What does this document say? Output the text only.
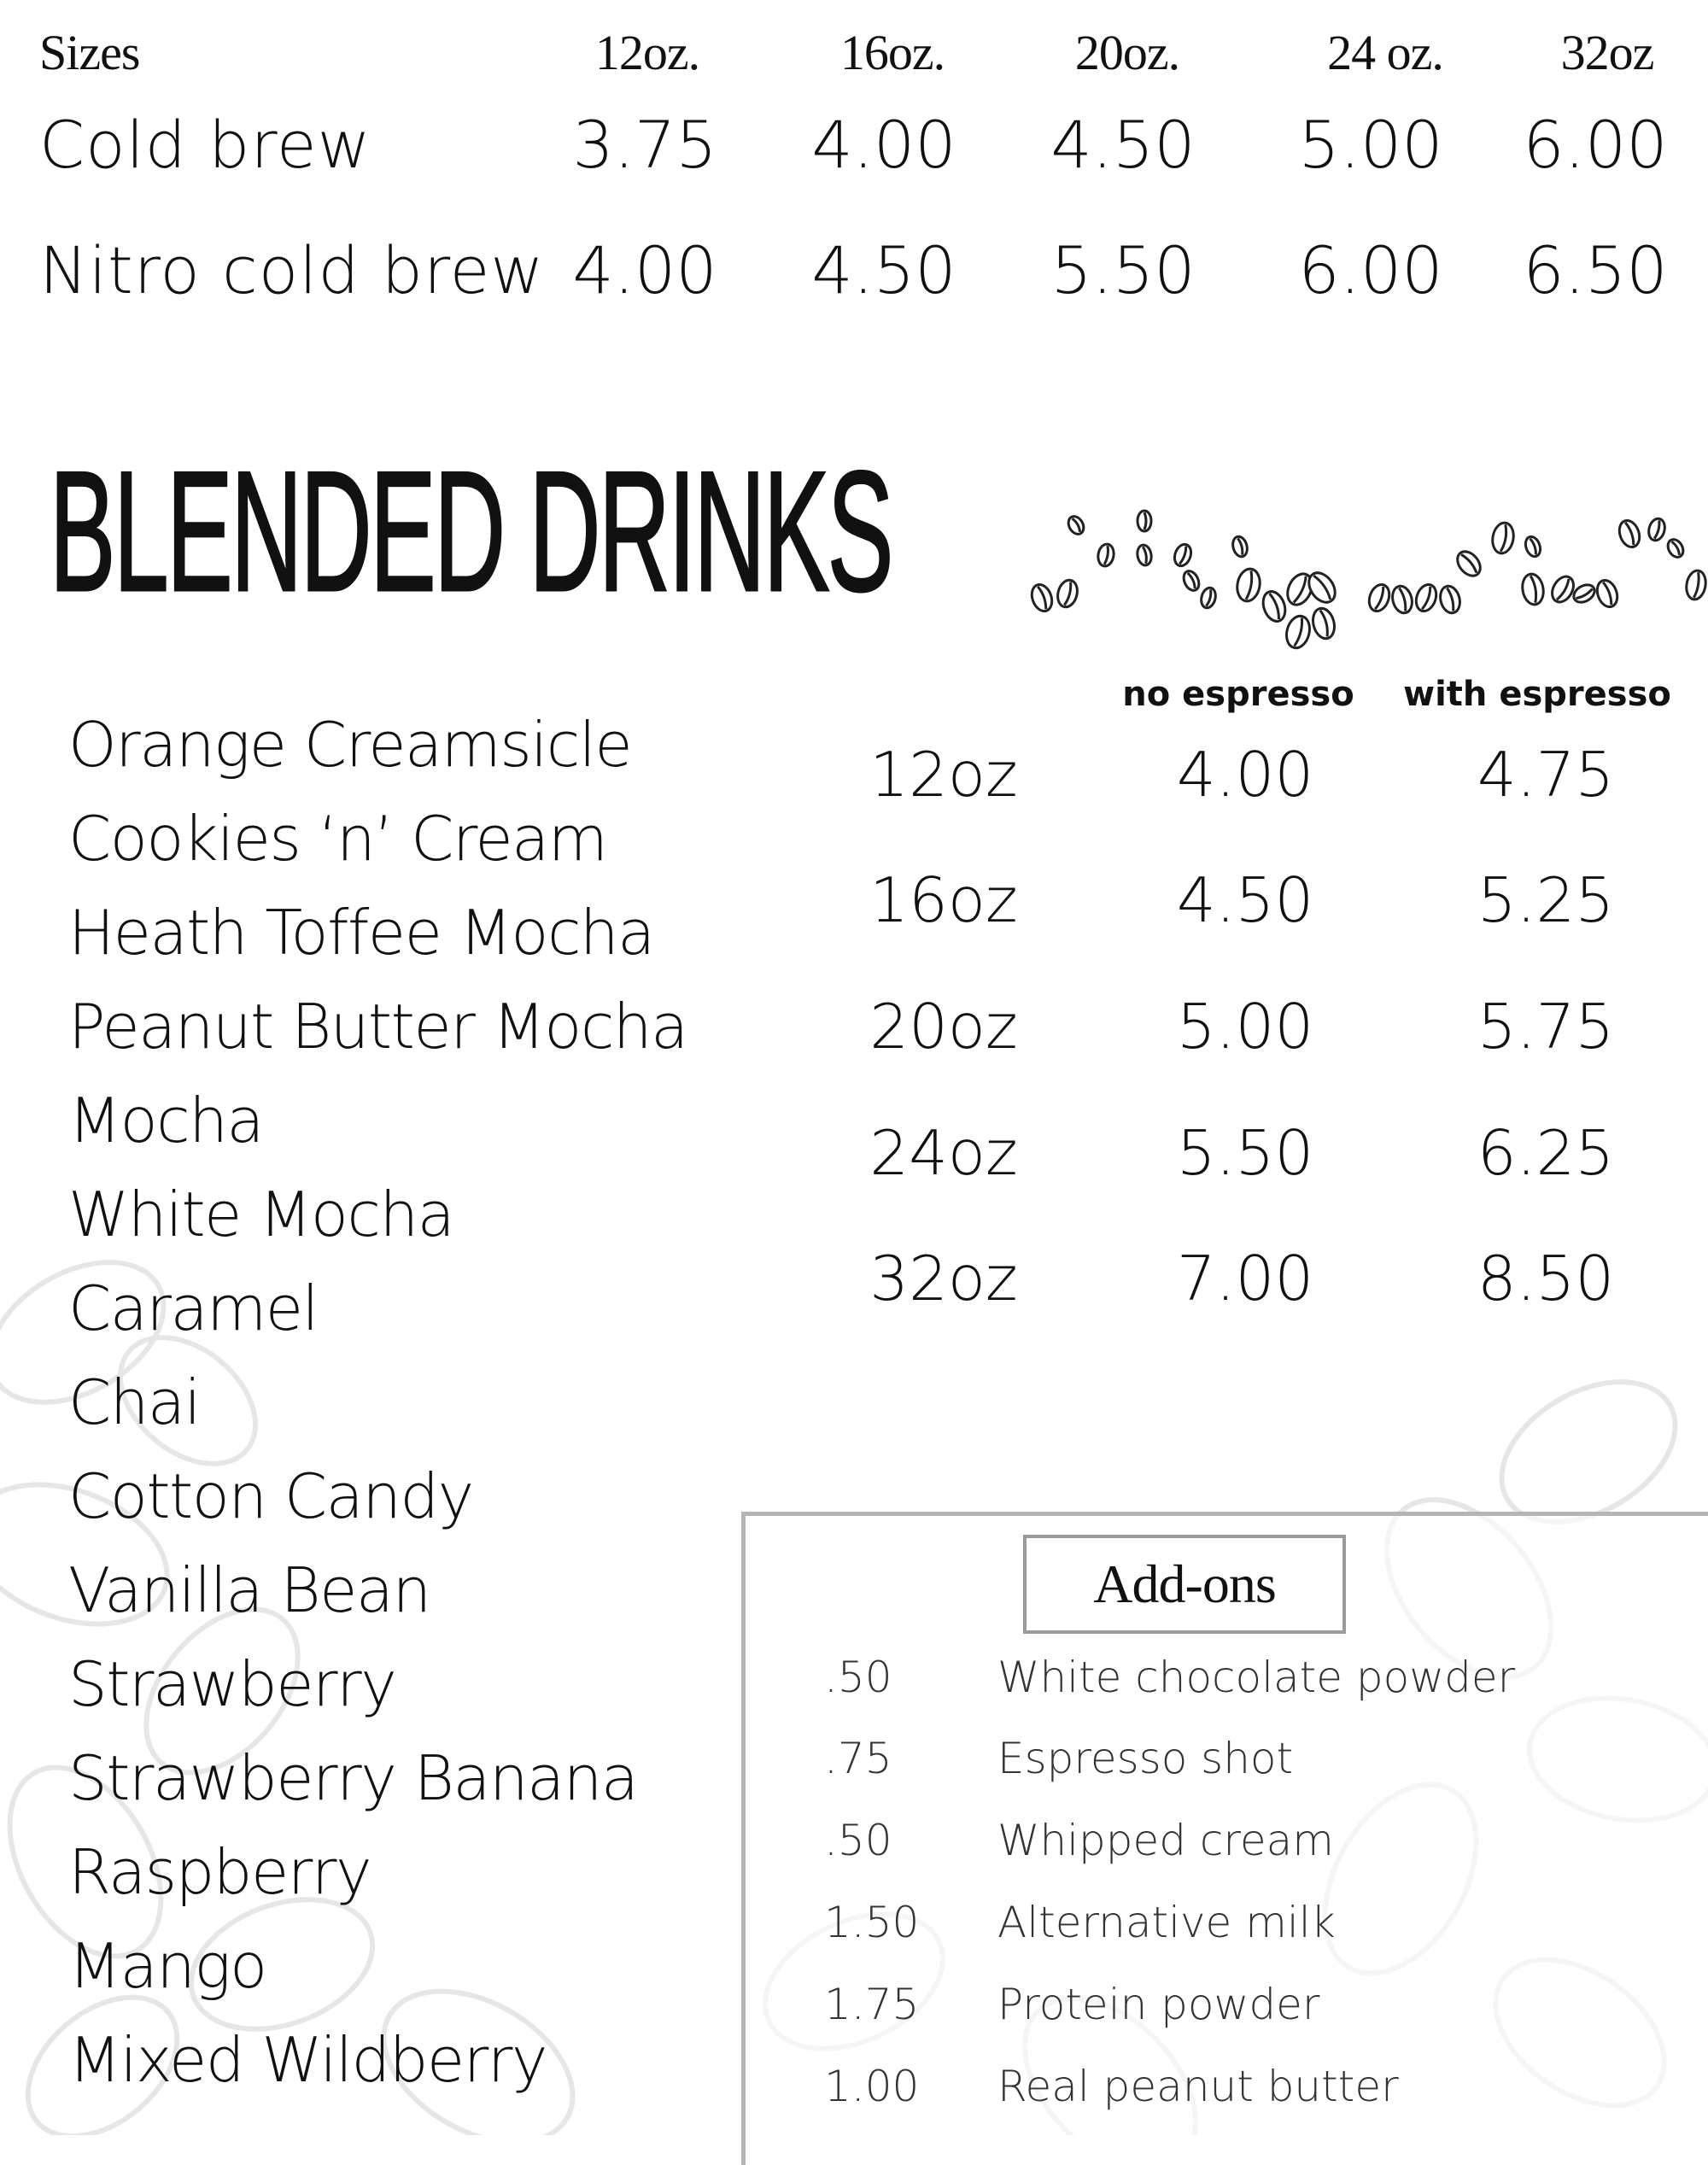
Sizes	12oz.	16oz.	20oz.	24 oz.	32oz
Cold brew	3.75	4.00	4.50	5.00	6.00
Nitro cold brew 4.00	4.50	5.50	6.00	6.50
BLENDED DRINKS
Orange Creamsicle
Cookies ‘n’ Cream
Heath Toffee Mocha
Peanut Butter Mocha
Mocha
White Mocha
Caramel
Chai
Cotton Candy
Vanilla Bean
Strawberry
Strawberry Banana
Raspberry
Mango
Mixed Wildberry
no espresso	with espresso
12oz	4.00	4.75
16oz	4.50	5.25
20oz	5.00	5.75
24oz	5.50	6.25
32oz	7.00	8.50
Add-ons
.50 White chocolate powder
.75 Espresso shot
.50 Whipped cream
1.50 Alternative milk
1.75 Protein powder
1.00 Real peanut butter
